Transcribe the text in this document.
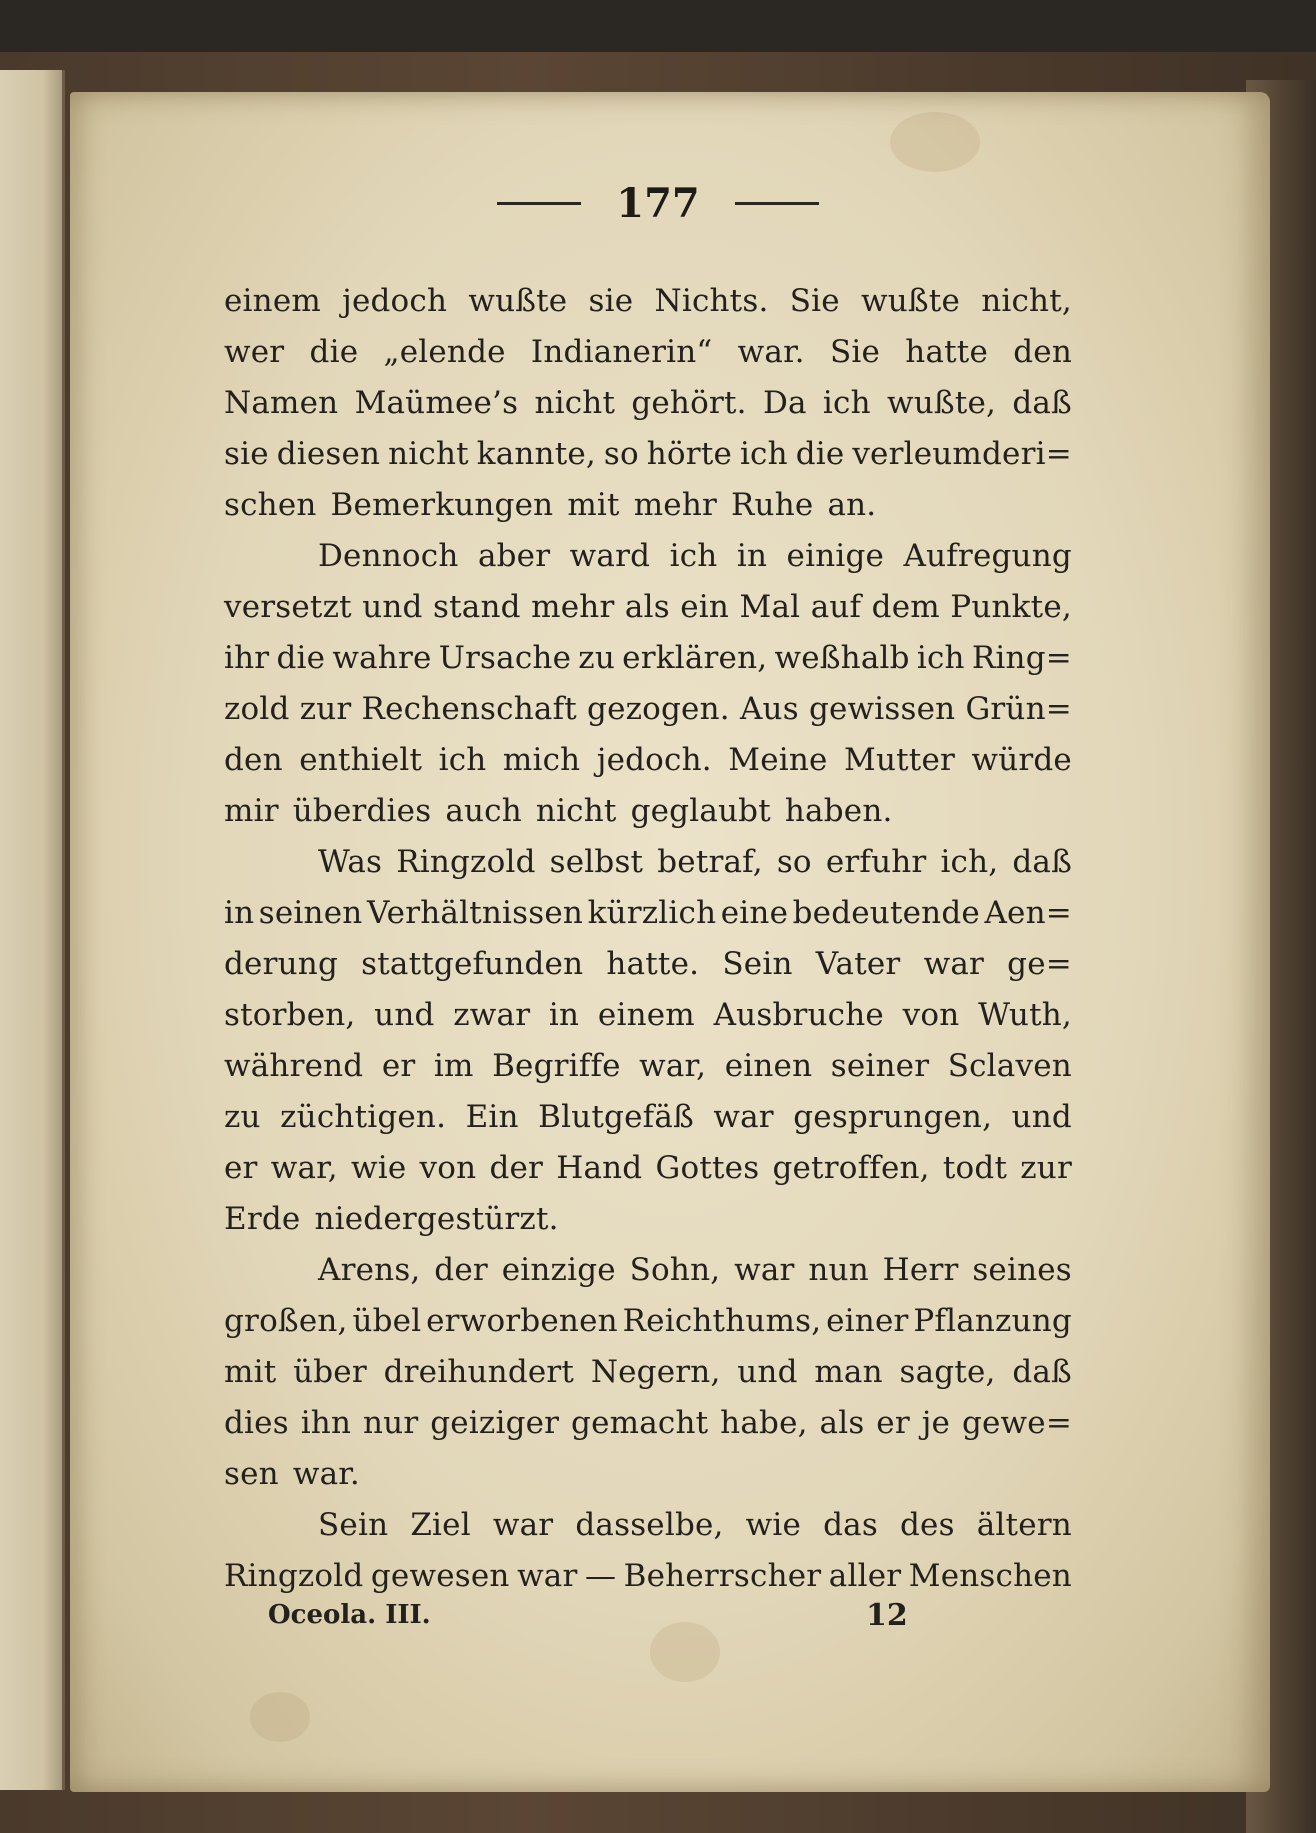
177
einem jedoch wußte sie Nichts. Sie wußte nicht,
wer die „elende Indianerin“ war. Sie hatte den
Namen Maümee’s nicht gehört. Da ich wußte, daß
sie diesen nicht kannte, so hörte ich die verleumderi=
schen Bemerkungen mit mehr Ruhe an.
Dennoch aber ward ich in einige Aufregung
versetzt und stand mehr als ein Mal auf dem Punkte,
ihr die wahre Ursache zu erklären, weßhalb ich Ring=
zold zur Rechenschaft gezogen. Aus gewissen Grün=
den enthielt ich mich jedoch. Meine Mutter würde
mir überdies auch nicht geglaubt haben.
Was Ringzold selbst betraf, so erfuhr ich, daß
in seinen Verhältnissen kürzlich eine bedeutende Aen=
derung stattgefunden hatte. Sein Vater war ge=
storben, und zwar in einem Ausbruche von Wuth,
während er im Begriffe war, einen seiner Sclaven
zu züchtigen. Ein Blutgefäß war gesprungen, und
er war, wie von der Hand Gottes getroffen, todt zur
Erde niedergestürzt.
Arens, der einzige Sohn, war nun Herr seines
großen, übel erworbenen Reichthums, einer Pflanzung
mit über dreihundert Negern, und man sagte, daß
dies ihn nur geiziger gemacht habe, als er je gewe=
sen war.
Sein Ziel war dasselbe, wie das des ältern
Ringzold gewesen war — Beherrscher aller Menschen
Oceola. III.	12
